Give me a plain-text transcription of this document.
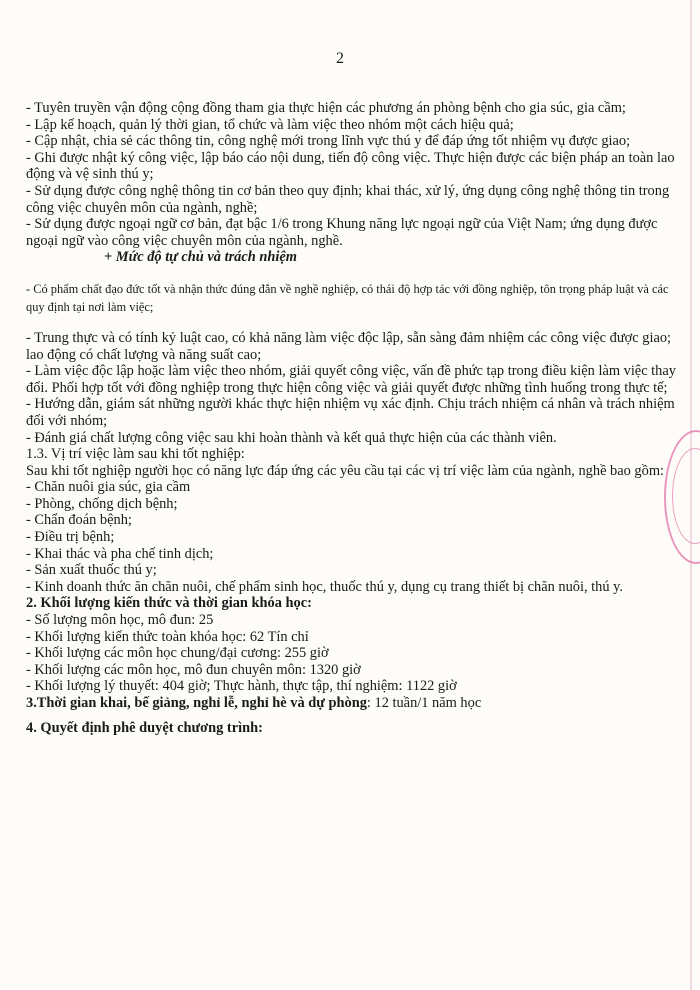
2

- Tuyên truyền vận động cộng đồng tham gia thực hiện các phương án phòng bệnh cho gia súc, gia cầm;

- Lập kế hoạch, quản lý thời gian, tổ chức và làm việc theo nhóm một cách hiệu quả;

- Cập nhật, chia sẻ các thông tin, công nghệ mới trong lĩnh vực thú y để đáp ứng tốt nhiệm vụ được giao;

- Ghi được nhật ký công việc, lập báo cáo nội dung, tiến độ công việc. Thực hiện được các biện pháp an toàn lao động và vệ sinh thú y;

- Sử dụng được công nghệ thông tin cơ bản theo quy định; khai thác, xử lý, ứng dụng công nghệ thông tin trong công việc chuyên môn của ngành, nghề;

- Sử dụng được ngoại ngữ cơ bản, đạt bậc 1/6 trong Khung năng lực ngoại ngữ của Việt Nam; ứng dụng được ngoại ngữ vào công việc chuyên môn của ngành, nghề.

+ Mức độ tự chủ và trách nhiệm

- Có phẩm chất đạo đức tốt và nhận thức đúng đắn về nghề nghiệp, có thái độ hợp tác với đồng nghiệp, tôn trọng pháp luật và các quy định tại nơi làm việc;

- Trung thực và có tính kỷ luật cao, có khả năng làm việc độc lập, sẵn sàng đảm nhiệm các công việc được giao; lao động có chất lượng và năng suất cao;

- Làm việc độc lập hoặc làm việc theo nhóm, giải quyết công việc, vấn đề phức tạp trong điều kiện làm việc thay đổi. Phối hợp tốt với đồng nghiệp trong thực hiện công việc và giải quyết được những tình huống trong thực tế;

- Hướng dẫn, giám sát những người khác thực hiện nhiệm vụ xác định. Chịu trách nhiệm cá nhân và trách nhiệm đối với nhóm;

- Đánh giá chất lượng công việc sau khi hoàn thành và kết quả thực hiện của các thành viên.

1.3. Vị trí việc làm sau khi tốt nghiệp:

Sau khi tốt nghiệp người học có năng lực đáp ứng các yêu cầu tại các vị trí việc làm của ngành, nghề bao gồm:

- Chăn nuôi gia súc, gia cầm

- Phòng, chống dịch bệnh;

- Chẩn đoán bệnh;

- Điều trị bệnh;

- Khai thác và pha chế tinh dịch;

- Sản xuất thuốc thú y;

- Kinh doanh thức ăn chăn nuôi, chế phẩm sinh học, thuốc thú y, dụng cụ trang thiết bị chăn nuôi, thú y.

2. Khối lượng kiến thức và thời gian khóa học:

- Số lượng môn học, mô đun: 25

- Khối lượng kiến thức toàn khóa học: 62 Tín chỉ

- Khối lượng các môn học chung/đại cương: 255 giờ

- Khối lượng các môn học, mô đun chuyên môn: 1320 giờ

- Khối lượng lý thuyết: 404 giờ; Thực hành, thực tập, thí nghiệm: 1122 giờ

3.Thời gian khai, bế giảng, nghỉ lễ, nghỉ hè và dự phòng: 12 tuần/1 năm học

4. Quyết định phê duyệt chương trình:
